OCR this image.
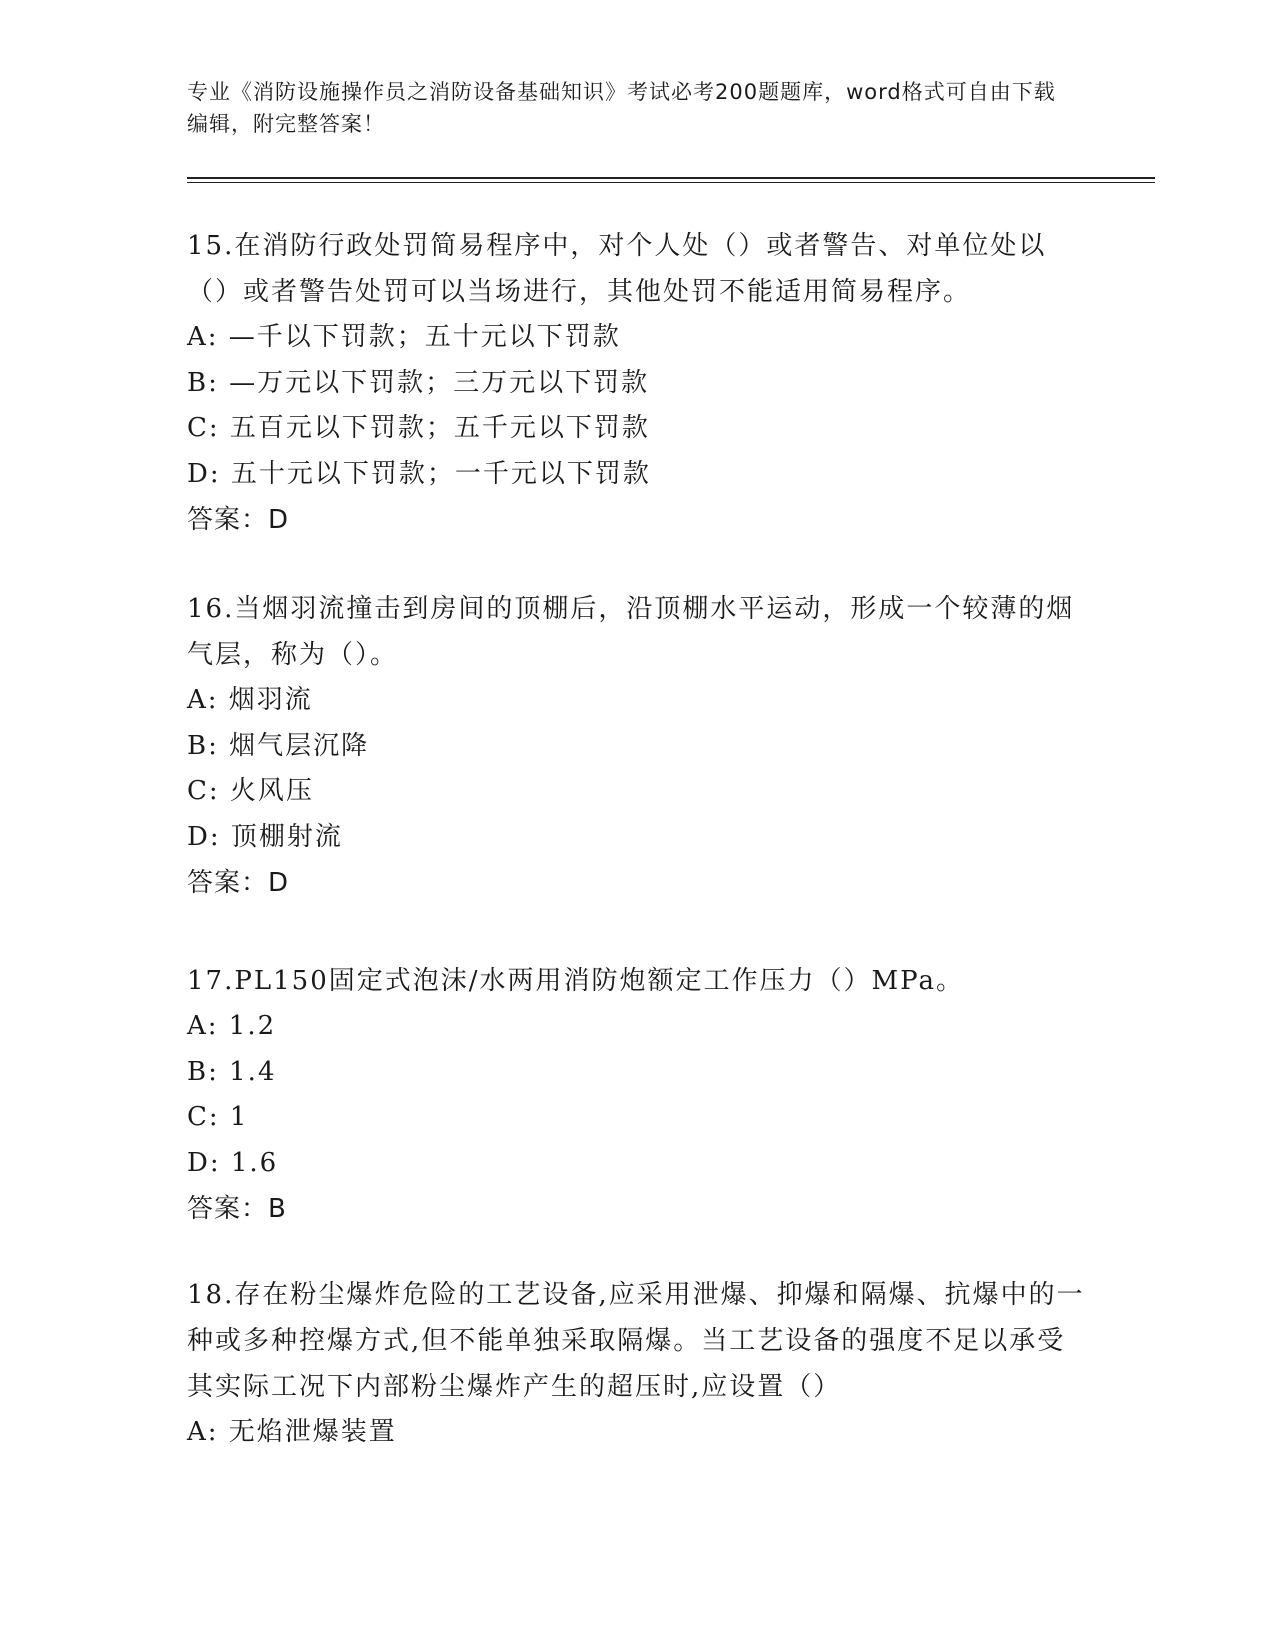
专业《消防设施操作员之消防设备基础知识》考试必考200题题库，word格式可自由下载编辑，附完整答案！

15.在消防行政处罚简易程序中，对个人处（）或者警告、对单位处以（）或者警告处罚可以当场进行，其他处罚不能适用简易程序。

A: —千以下罚款；五十元以下罚款
B: —万元以下罚款；三万元以下罚款
C: 五百元以下罚款；五千元以下罚款
D: 五十元以下罚款；一千元以下罚款
答案：D

16.当烟羽流撞击到房间的顶棚后，沿顶棚水平运动，形成一个较薄的烟气层，称为（）。

A: 烟羽流
B: 烟气层沉降
C: 火风压
D: 顶棚射流
答案：D

17.PL150固定式泡沫/水两用消防炮额定工作压力（）MPa。

A: 1.2
B: 1.4
C: 1
D: 1.6
答案：B

18.存在粉尘爆炸危险的工艺设备,应采用泄爆、抑爆和隔爆、抗爆中的一种或多种控爆方式,但不能单独采取隔爆。当工艺设备的强度不足以承受其实际工况下内部粉尘爆炸产生的超压时,应设置（）

A: 无焰泄爆装置
